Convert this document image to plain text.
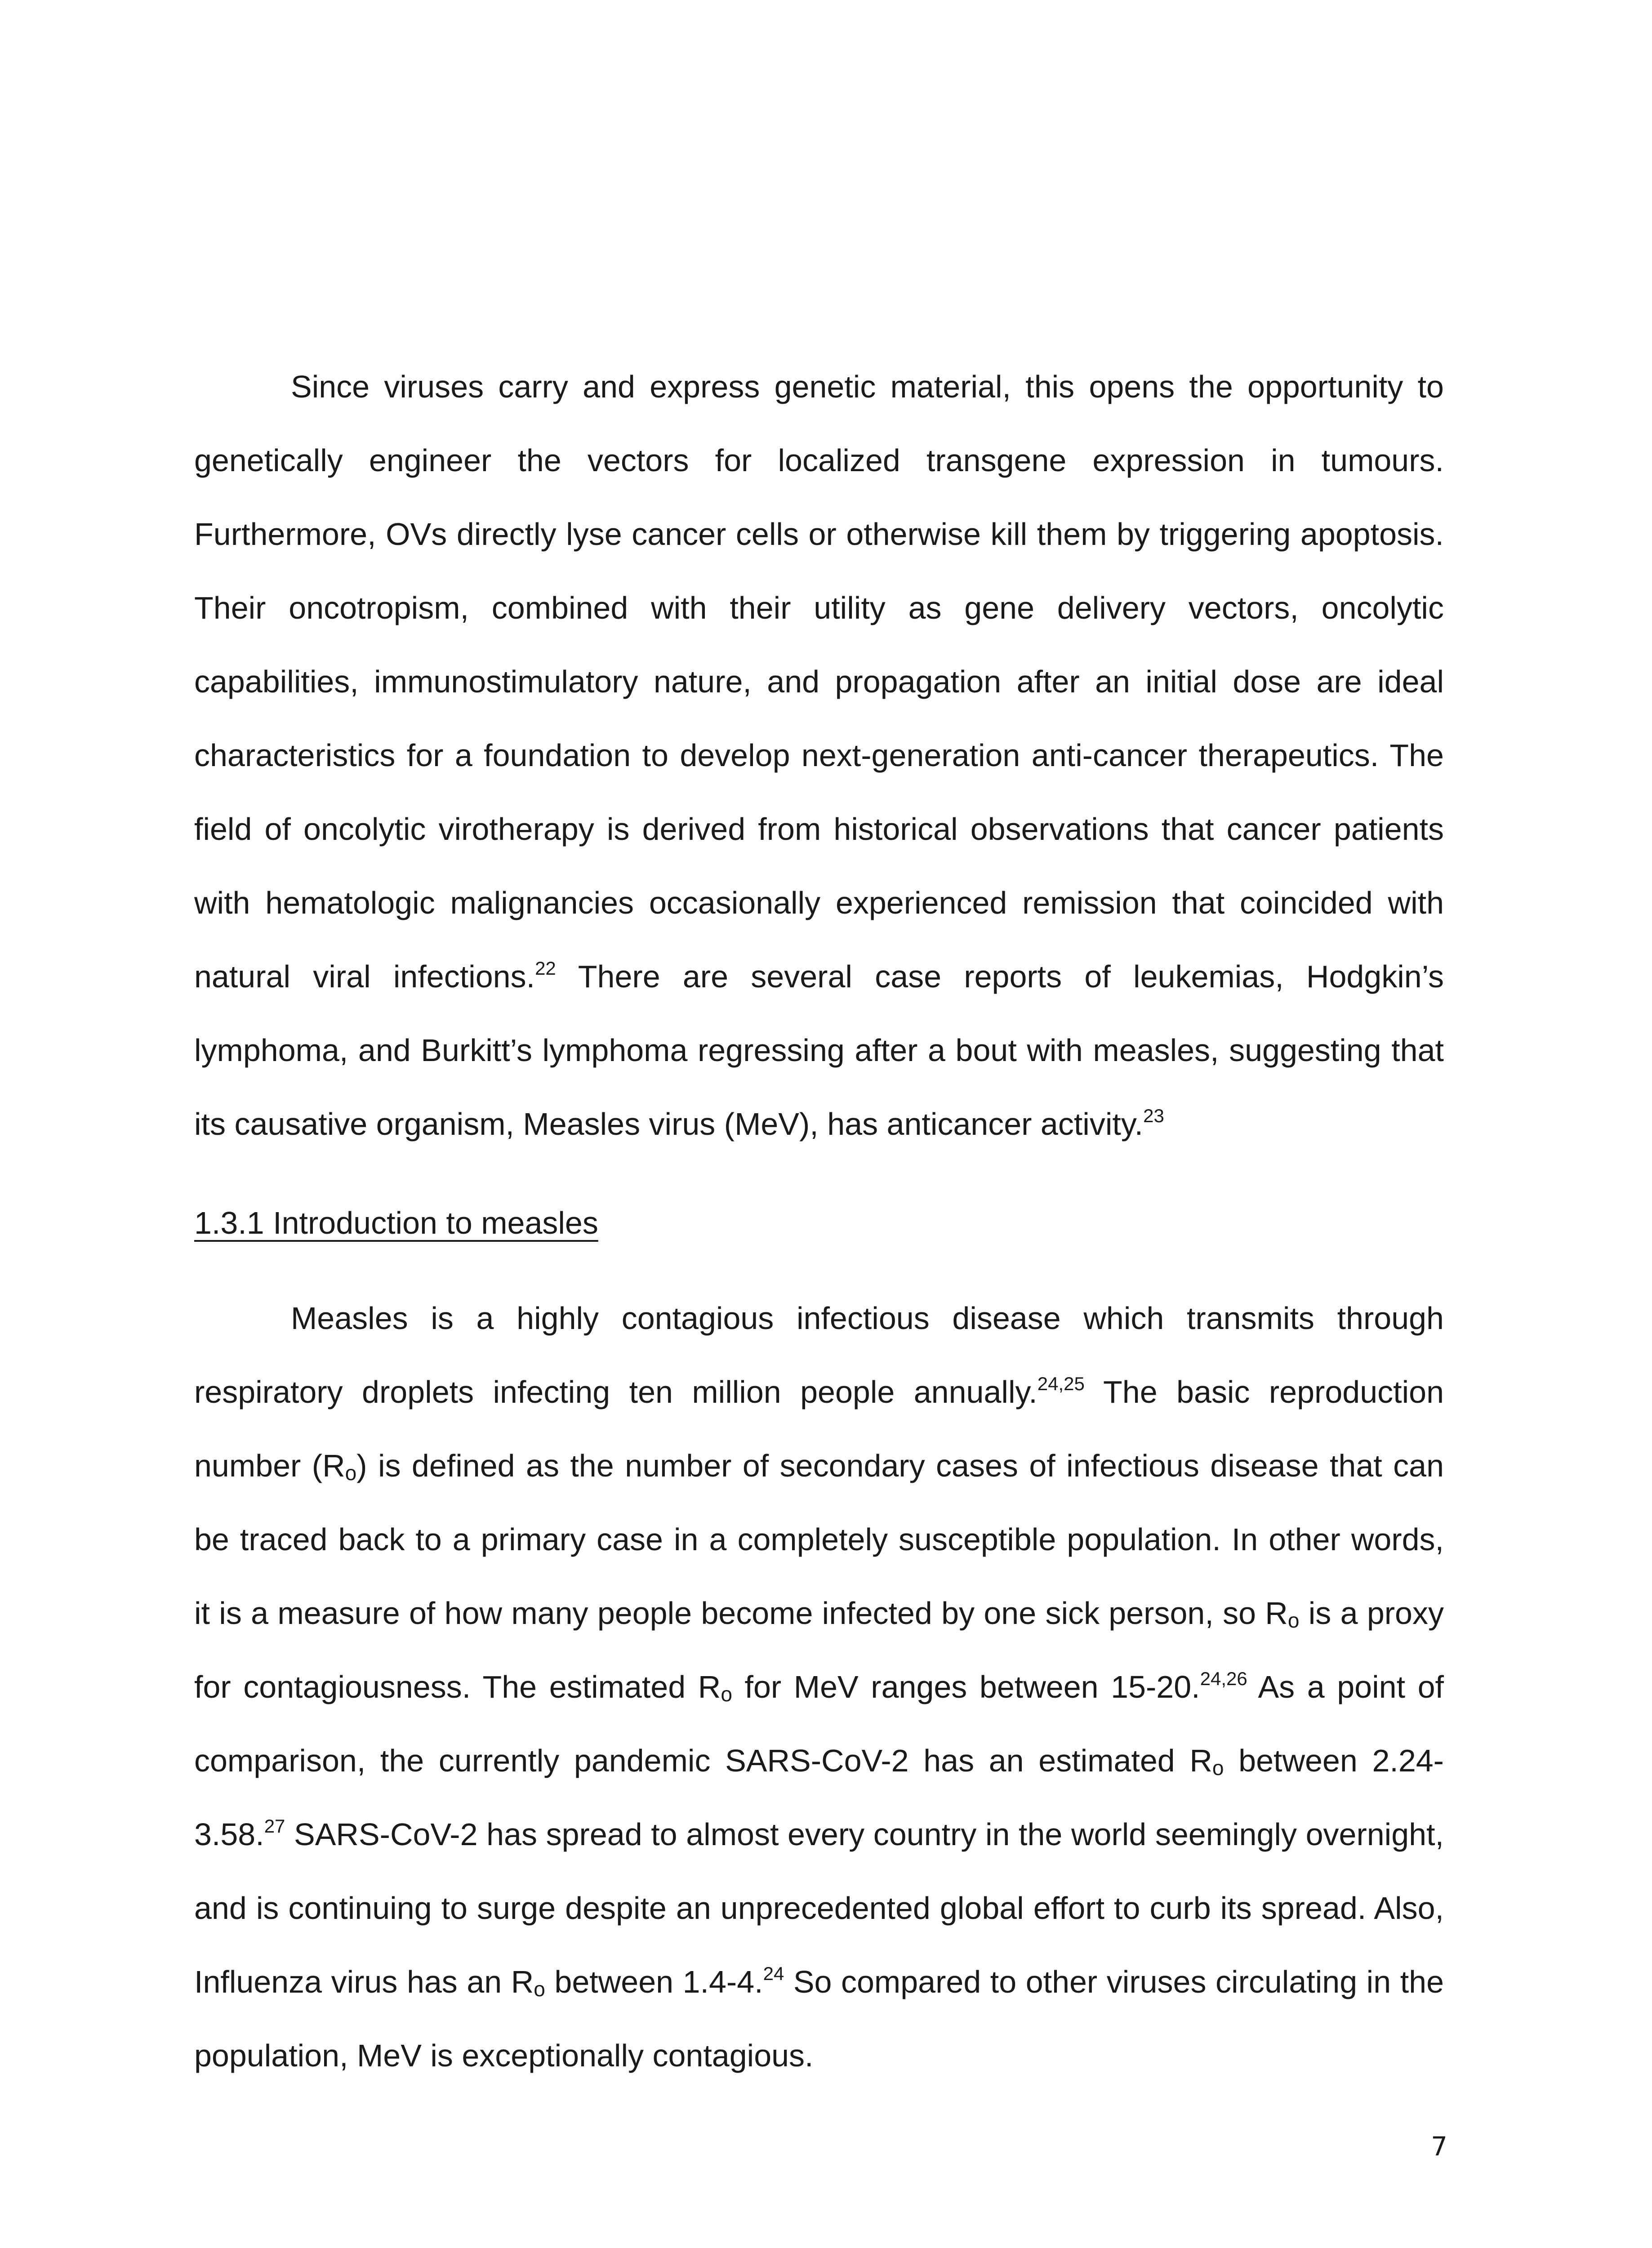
Since viruses carry and express genetic material, this opens the opportunity to
genetically engineer the vectors for localized transgene expression in tumours.
Furthermore, OVs directly lyse cancer cells or otherwise kill them by triggering apoptosis.
Their oncotropism, combined with their utility as gene delivery vectors, oncolytic
capabilities, immunostimulatory nature, and propagation after an initial dose are ideal
characteristics for a foundation to develop next-generation anti-cancer therapeutics. The
field of oncolytic virotherapy is derived from historical observations that cancer patients
with hematologic malignancies occasionally experienced remission that coincided with
natural viral infections.$^{22}$ There are several case reports of leukemias, Hodgkin’s
lymphoma, and Burkitt’s lymphoma regressing after a bout with measles, suggesting that
its causative organism, Measles virus (MeV), has anticancer activity.$^{23}$
1.3.1 Introduction to measles
Measles is a highly contagious infectious disease which transmits through
respiratory droplets infecting ten million people annually.$^{24,25}$ The basic reproduction
number (Ro) is defined as the number of secondary cases of infectious disease that can
be traced back to a primary case in a completely susceptible population. In other words,
it is a measure of how many people become infected by one sick person, so Ro is a proxy
for contagiousness. The estimated Ro for MeV ranges between 15-20.$^{24,26}$ As a point of
comparison, the currently pandemic SARS-CoV-2 has an estimated Ro between 2.24-
3.58.27 SARS-CoV-2 has spread to almost every country in the world seemingly overnight,
and is continuing to surge despite an unprecedented global effort to curb its spread. Also,
Influenza virus has an Ro between 1.4-4.24 So compared to other viruses circulating in the
population, MeV is exceptionally contagious.
7
